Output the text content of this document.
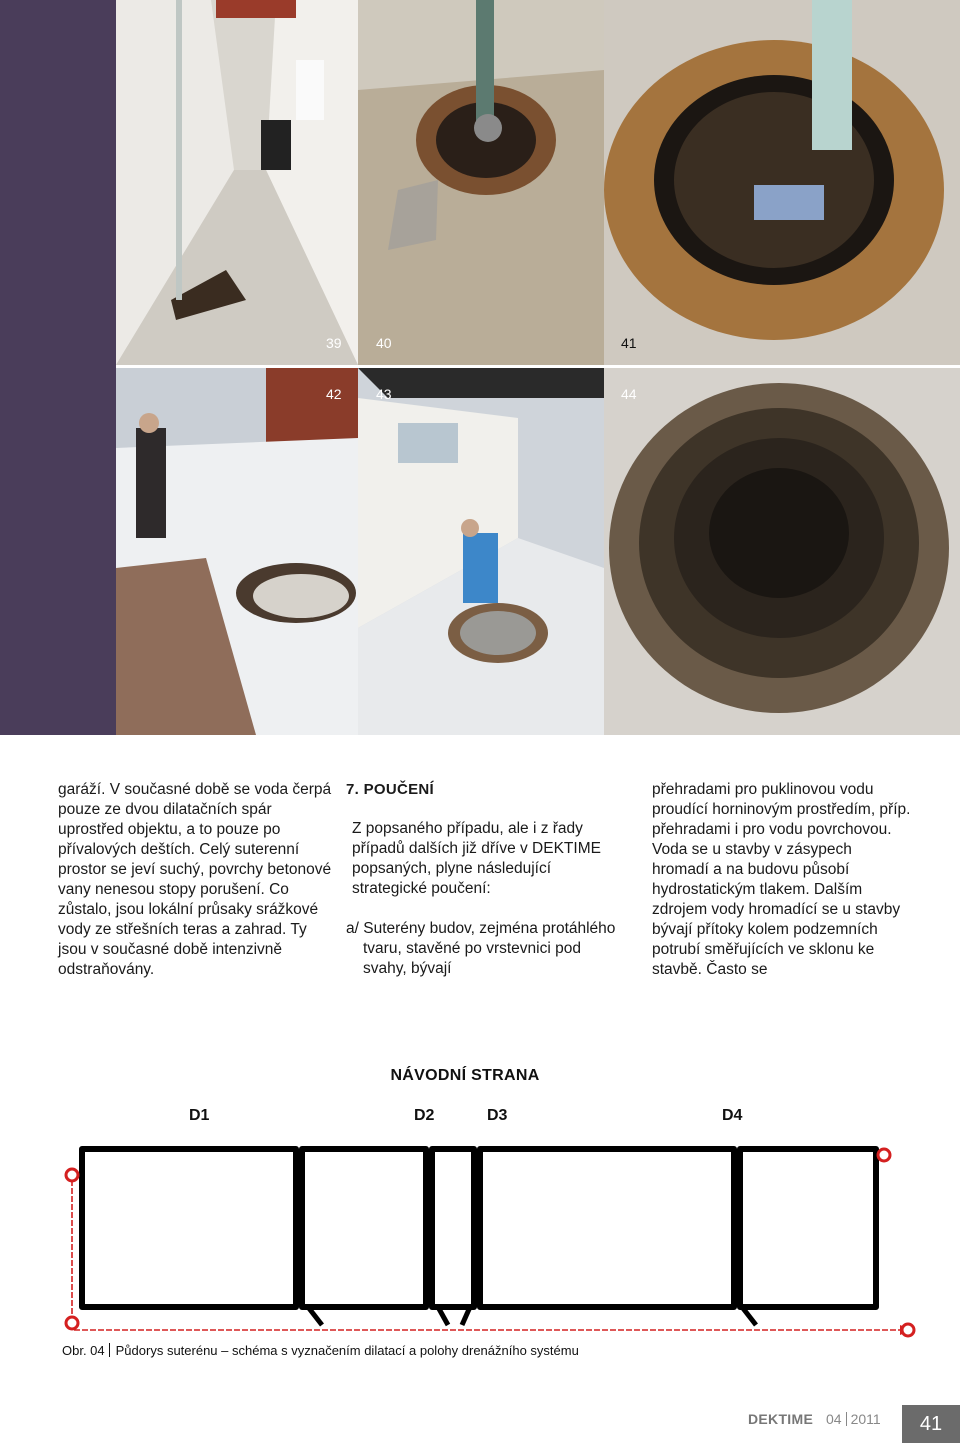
39 40	41
42 43	44

garáží. V současné době se voda čerpá pouze ze dvou dilatačních spár uprostřed objektu, a to pouze po přívalových deštích. Celý suterenní prostor se jeví suchý, povrchy betonové vany nenesou stopy porušení. Co zůstalo, jsou lokální průsaky srážkové vody ze střešních teras a zahrad. Ty jsou v současné době intenzivně odstraňovány.

7. POUČENÍ

Z popsaného případu, ale i z řady případů dalších již dříve v DEKTIME popsaných, plyne následující strategické poučení:

a/ Suterény budov, zejména protáhlého tvaru, stavěné po vrstevnici pod svahy, bývají

přehradami pro puklinovou vodu proudící horninovým prostředím, příp. přehradami i pro vodu povrchovou. Voda se u stavby v zásypech hromadí a na budovu působí hydrostatickým tlakem. Dalším zdrojem vody hromadící se u stavby bývají přítoky kolem podzemních potrubí směřujících ve sklonu ke stavbě. Často se

NÁVODNÍ STRANA
D1	D2	D3	D4
Obr. 04 Půdorys suterénu – schéma s vyznačením dilatací a polohy drenážního systému
DEKTIME 04 2011	41
